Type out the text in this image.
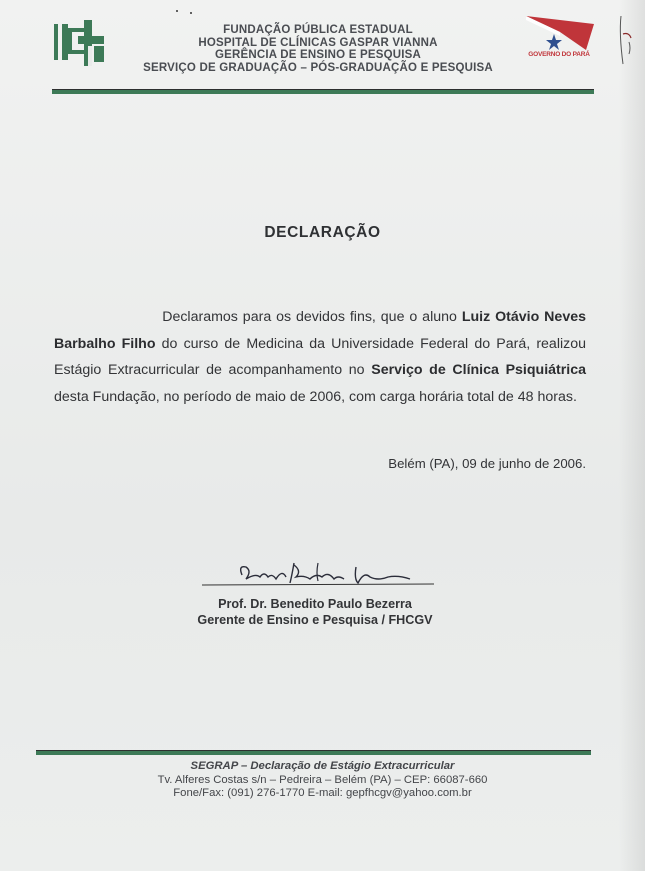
FUNDAÇÃO PÚBLICA ESTADUAL
HOSPITAL DE CLÍNICAS GASPAR VIANNA
GERÊNCIA DE ENSINO E PESQUISA
SERVIÇO DE GRADUAÇÃO – PÓS-GRADUAÇÃO E PESQUISA
GOVERNO DO PARÁ
DECLARAÇÃO
Declaramos para os devidos fins, que o aluno Luiz Otávio Neves Barbalho Filho do curso de Medicina da Universidade Federal do Pará, realizou Estágio Extracurricular de acompanhamento no Serviço de Clínica Psiquiátrica desta Fundação, no período de maio de 2006, com carga horária total de 48 horas.
Belém (PA), 09 de junho de 2006.
Prof. Dr. Benedito Paulo Bezerra
Gerente de Ensino e Pesquisa / FHCGV
SEGRAP – Declaração de Estágio Extracurricular
Tv. Alferes Costas s/n – Pedreira – Belém (PA) – CEP: 66087-660
Fone/Fax: (091) 276-1770 E-mail: gepfhcgv@yahoo.com.br
